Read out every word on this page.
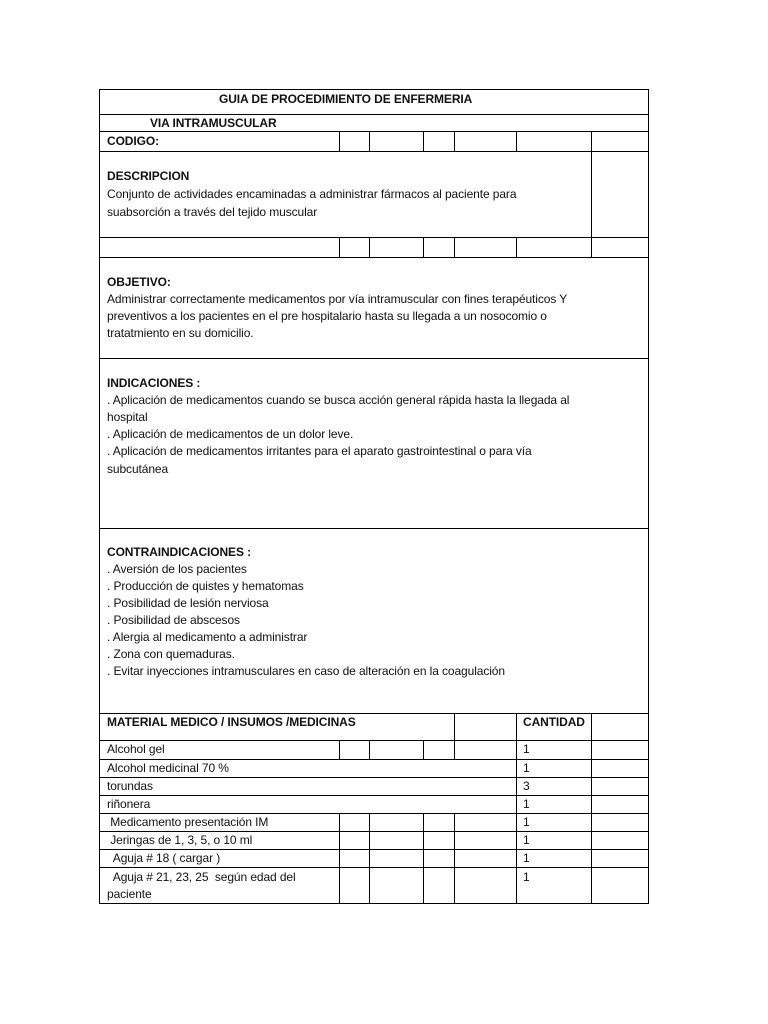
GUIA DE PROCEDIMIENTO DE ENFERMERIA
VIA INTRAMUSCULAR
CODIGO:
DESCRIPCION
Conjunto de actividades encaminadas a administrar fármacos al paciente para
suabsorción a través del tejido muscular
OBJETIVO:
Administrar correctamente medicamentos por vía intramuscular con fines terapéuticos Y
preventivos a los pacientes en el pre hospitalario hasta su llegada a un nosocomio o
tratatmiento en su domicilio.
INDICACIONES :
. Aplicación de medicamentos cuando se busca acción general rápida hasta la llegada al
hospital
. Aplicación de medicamentos de un dolor leve.
. Aplicación de medicamentos irritantes para el aparato gastrointestinal o para vía
subcutánea
CONTRAINDICACIONES :
. Aversión de los pacientes
. Producción de quistes y hematomas
. Posibilidad de lesión nerviosa
. Posibilidad de abscesos
. Alergia al medicamento a administrar
. Zona con quemaduras.
. Evitar inyecciones intramusculares en caso de alteración en la coagulación
MATERIAL MEDICO / INSUMOS /MEDICINAS	CANTIDAD
Alcohol gel	1
Alcohol medicinal 70 %	1
torundas	3
riñonera	1
Medicamento presentación IM	1
Jeringas de 1, 3, 5, o 10 ml	1
Aguja # 18 ( cargar )	1
Aguja # 21, 23, 25  según edad del	1
paciente
